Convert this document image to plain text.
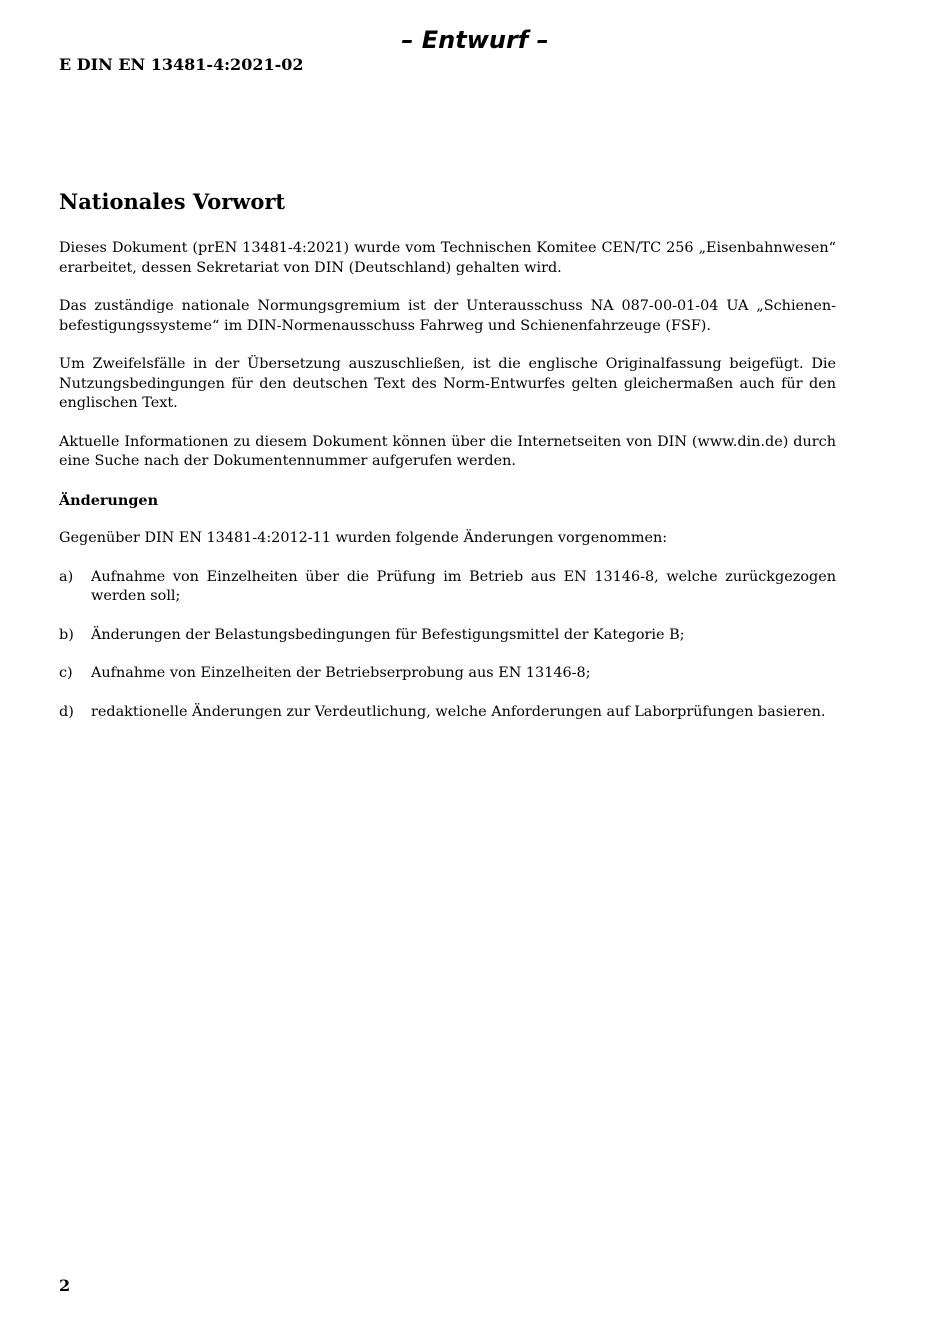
– Entwurf –
E DIN EN 13481-4:2021-02
Nationales Vorwort

Dieses Dokument (prEN 13481-4:2021) wurde vom Technischen Komitee CEN/TC 256 „Eisenbahnwesen“ erarbeitet, dessen Sekretariat von DIN (Deutschland) gehalten wird.

Das zuständige nationale Normungsgremium ist der Unterausschuss NA 087-00-01-04 UA „Schienenbefestigungssysteme“ im DIN-Normenausschuss Fahrweg und Schienenfahrzeuge (FSF).

Um Zweifelsfälle in der Übersetzung auszuschließen, ist die englische Originalfassung beigefügt. Die Nutzungsbedingungen für den deutschen Text des Norm-Entwurfes gelten gleichermaßen auch für den englischen Text.

Aktuelle Informationen zu diesem Dokument können über die Internetseiten von DIN (www.din.de) durch eine Suche nach der Dokumentennummer aufgerufen werden.

Änderungen

Gegenüber DIN EN 13481-4:2012-11 wurden folgende Änderungen vorgenommen:

a)	Aufnahme von Einzelheiten über die Prüfung im Betrieb aus EN 13146-8, welche zurückgezogen werden soll;
b)	Änderungen der Belastungsbedingungen für Befestigungsmittel der Kategorie B;
c)	Aufnahme von Einzelheiten der Betriebserprobung aus EN 13146-8;
d)	redaktionelle Änderungen zur Verdeutlichung, welche Anforderungen auf Laborprüfungen basieren.
2
